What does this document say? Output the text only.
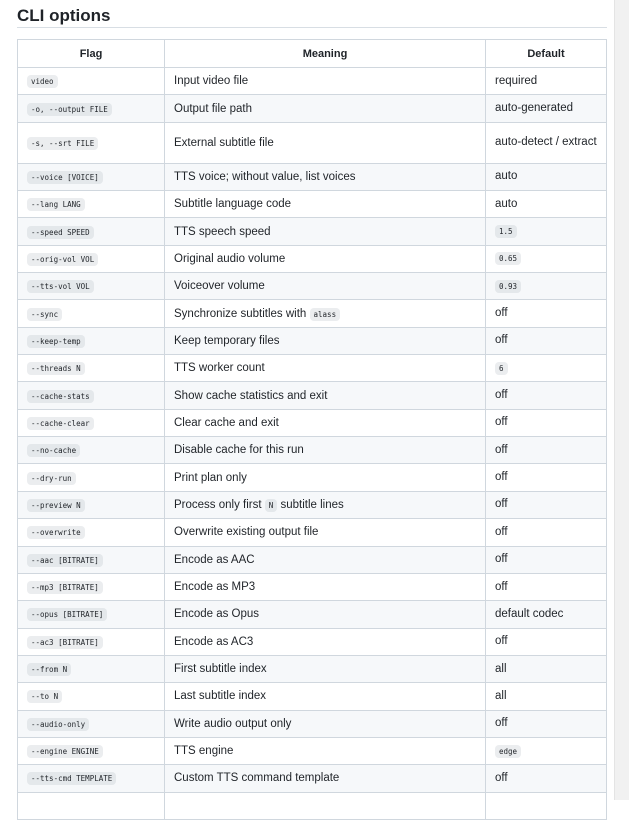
CLI options
Flag	Meaning	Default
video	Input video file	required
-o, --output FILE	Output file path	auto-generated
-s, --srt FILE	External subtitle file	auto-detect / extract
--voice [VOICE]	TTS voice; without value, list voices	auto
--lang LANG	Subtitle language code	auto
--speed SPEED	TTS speech speed	1.5
--orig-vol VOL	Original audio volume	0.65
--tts-vol VOL	Voiceover volume	0.93
--sync	Synchronize subtitles with alass	off
--keep-temp	Keep temporary files	off
--threads N	TTS worker count	6
--cache-stats	Show cache statistics and exit	off
--cache-clear	Clear cache and exit	off
--no-cache	Disable cache for this run	off
--dry-run	Print plan only	off
--preview N	Process only first N subtitle lines	off
--overwrite	Overwrite existing output file	off
--aac [BITRATE]	Encode as AAC	off
--mp3 [BITRATE]	Encode as MP3	off
--opus [BITRATE]	Encode as Opus	default codec
--ac3 [BITRATE]	Encode as AC3	off
--from N	First subtitle index	all
--to N	Last subtitle index	all
--audio-only	Write audio output only	off
--engine ENGINE	TTS engine	edge
--tts-cmd TEMPLATE	Custom TTS command template	off
